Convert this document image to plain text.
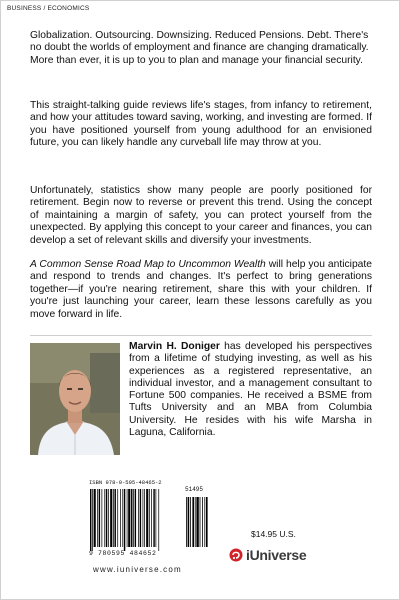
BUSINESS / ECONOMICS

Globalization. Outsourcing. Downsizing. Reduced Pensions. Debt. There's no doubt the worlds of employment and finance are changing dramatically. More than ever, it is up to you to plan and manage your financial security.

This straight-talking guide reviews life's stages, from infancy to retirement, and how your attitudes toward saving, working, and investing are formed. If you have positioned yourself from young adulthood for an envisioned future, you can likely handle any curveball life may throw at you.

Unfortunately, statistics show many people are poorly positioned for retirement. Begin now to reverse or prevent this trend. Using the concept of maintaining a margin of safety, you can protect yourself from the unexpected. By applying this concept to your career and finances, you can develop a set of relevant skills and diversify your investments.

A Common Sense Road Map to Uncommon Wealth will help you anticipate and respond to trends and changes. It's perfect to bring generations together—if you're nearing retirement, share this with your children. If you're just launching your career, learn these lessons carefully as you move forward in life.

Marvin H. Doniger has developed his perspectives from a lifetime of studying investing, as well as his experiences as a registered representative, an individual investor, and a management consultant to Fortune 500 companies. He received a BSME from Tufts University and an MBA from Columbia University. He resides with his wife Marsha in Laguna, California.

ISBN 978-0-595-48465-2
51495
9 780595 484652
www.iuniverse.com
$14.95 U.S.
iUniverse
